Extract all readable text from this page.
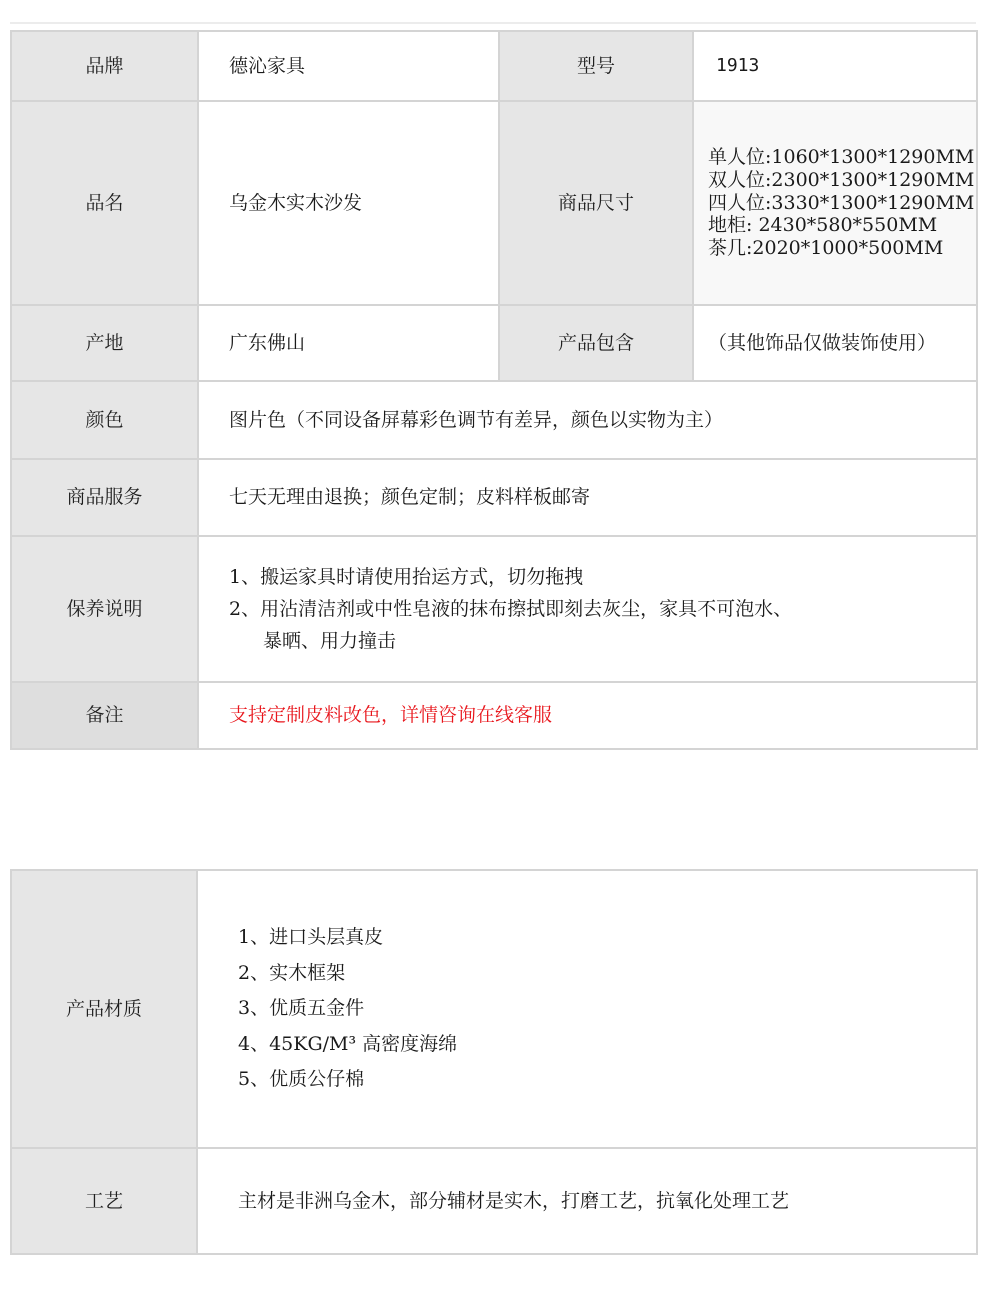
品牌	德沁家具	型号	1913
品名	乌金木实木沙发	商品尺寸	单人位:1060*1300*1290MM
双人位:2300*1300*1290MM
四人位:3330*1300*1290MM
地柜: 2430*580*550MM
茶几:2020*1000*500MM

产地	广东佛山	产品包含	（其他饰品仅做装饰使用）
颜色	图片色（不同设备屏幕彩色调节有差异，颜色以实物为主）		
商品服务	七天无理由退换；颜色定制；皮料样板邮寄		
保养说明	1、搬运家具时请使用抬运方式，切勿拖拽
2、用沾清洁剂或中性皂液的抹布擦拭即刻去灰尘，家具不可泡水、
暴晒、用力撞击		

备注	支持定制皮料改色，详情咨询在线客服		
产品材质	1、进口头层真皮
2、实木框架
3、优质五金件
4、45KG/M³ 高密度海绵
5、优质公仔棉

工艺	主材是非洲乌金木，部分辅材是实木，打磨工艺，抗氧化处理工艺
